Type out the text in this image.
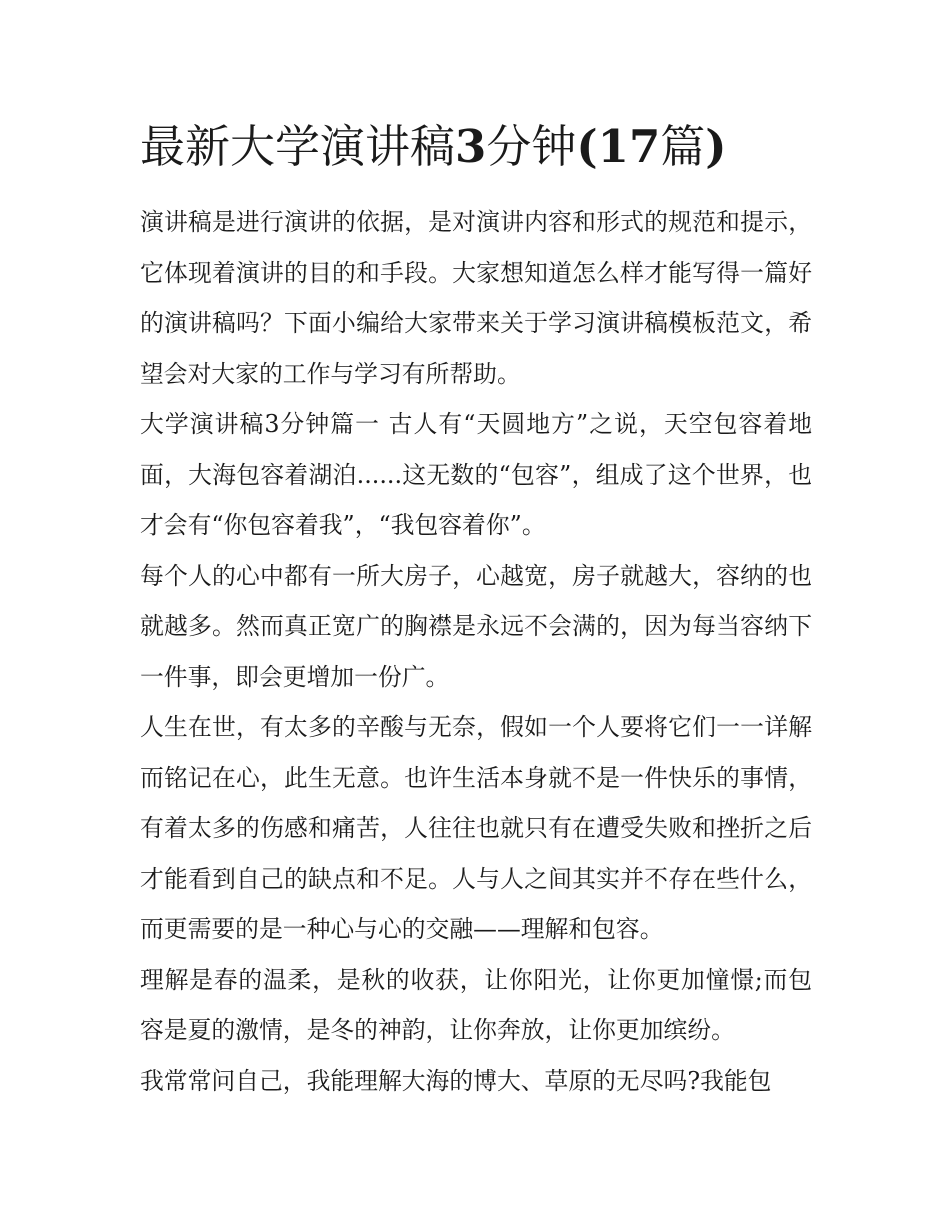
最新大学演讲稿3分钟(17篇)

演讲稿是进行演讲的依据，是对演讲内容和形式的规范和提示，它体现着演讲的目的和手段。大家想知道怎么样才能写得一篇好的演讲稿吗？下面小编给大家带来关于学习演讲稿模板范文，希望会对大家的工作与学习有所帮助。

大学演讲稿3分钟篇一 古人有“天圆地方”之说，天空包容着地面，大海包容着湖泊......这无数的“包容”，组成了这个世界，也才会有“你包容着我”，“我包容着你”。

每个人的心中都有一所大房子，心越宽，房子就越大，容纳的也就越多。然而真正宽广的胸襟是永远不会满的，因为每当容纳下一件事，即会更增加一份广。

人生在世，有太多的辛酸与无奈，假如一个人要将它们一一详解而铭记在心，此生无意。也许生活本身就不是一件快乐的事情，有着太多的伤感和痛苦，人往往也就只有在遭受失败和挫折之后才能看到自己的缺点和不足。人与人之间其实并不存在些什么，而更需要的是一种心与心的交融——理解和包容。

理解是春的温柔，是秋的收获，让你阳光，让你更加憧憬;而包容是夏的激情，是冬的神韵，让你奔放，让你更加缤纷。

我常常问自己，我能理解大海的博大、草原的无尽吗?我能包
